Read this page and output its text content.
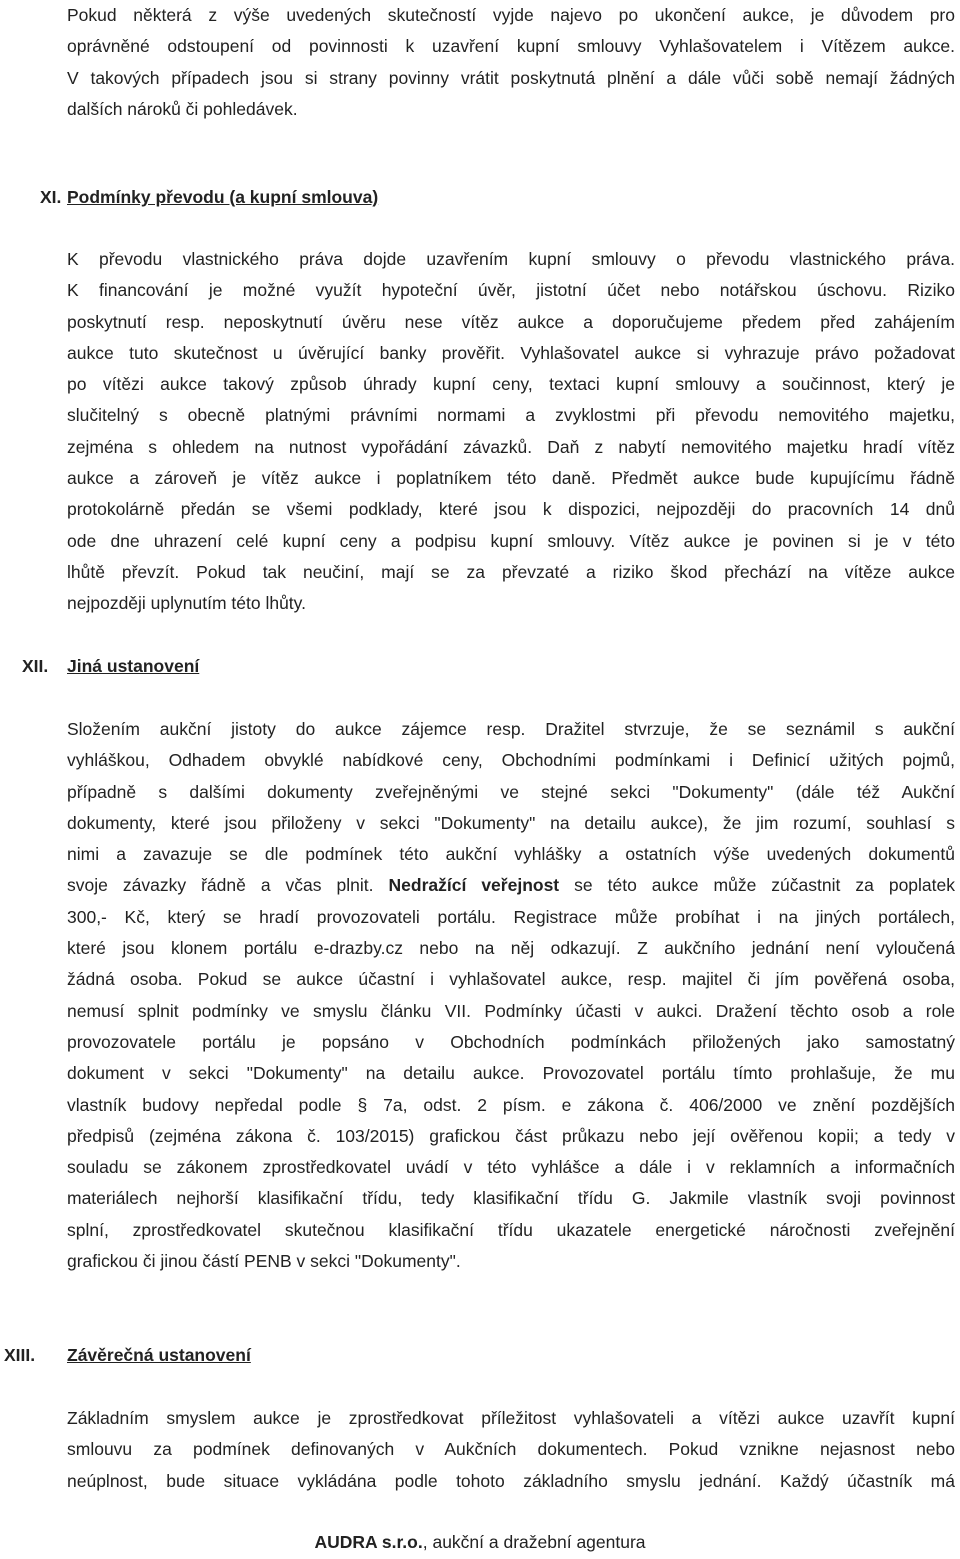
Pokud některá z výše uvedených skutečností vyjde najevo po ukončení aukce, je důvodem pro
oprávněné odstoupení od povinnosti k uzavření kupní smlouvy Vyhlašovatelem i Vítězem aukce.
V takových případech jsou si strany povinny vrátit poskytnutá plnění a dále vůči sobě nemají žádných
dalších nároků či pohledávek.
XI. Podmínky převodu (a kupní smlouva)
K převodu vlastnického práva dojde uzavřením kupní smlouvy o převodu vlastnického práva.
K financování je možné využít hypoteční úvěr, jistotní účet nebo notářskou úschovu. Riziko
poskytnutí resp. neposkytnutí úvěru nese vítěz aukce a doporučujeme předem před zahájením
aukce tuto skutečnost u úvěrující banky prověřit. Vyhlašovatel aukce si vyhrazuje právo požadovat
po vítězi aukce takový způsob úhrady kupní ceny, textaci kupní smlouvy a součinnost, který je
slučitelný s obecně platnými právními normami a zvyklostmi při převodu nemovitého majetku,
zejména s ohledem na nutnost vypořádání závazků. Daň z nabytí nemovitého majetku hradí vítěz
aukce a zároveň je vítěz aukce i poplatníkem této daně. Předmět aukce bude kupujícímu řádně
protokolárně předán se všemi podklady, které jsou k dispozici, nejpozději do pracovních 14 dnů
ode dne uhrazení celé kupní ceny a podpisu kupní smlouvy. Vítěz aukce je povinen si je v této
lhůtě převzít. Pokud tak neučiní, mají se za převzaté a riziko škod přechází na vítěze aukce
nejpozději uplynutím této lhůty.
XII. Jiná ustanovení
Složením aukční jistoty do aukce zájemce resp. Dražitel stvrzuje, že se seznámil s aukční
vyhláškou, Odhadem obvyklé nabídkové ceny, Obchodními podmínkami i Definicí užitých pojmů,
případně s dalšími dokumenty zveřejněnými ve stejné sekci "Dokumenty" (dále též Aukční
dokumenty, které jsou přiloženy v sekci "Dokumenty" na detailu aukce), že jim rozumí, souhlasí s
nimi a zavazuje se dle podmínek této aukční vyhlášky a ostatních výše uvedených dokumentů
svoje závazky řádně a včas plnit. Nedražící veřejnost se této aukce může zúčastnit za poplatek
300,- Kč, který se hradí provozovateli portálu. Registrace může probíhat i na jiných portálech,
které jsou klonem portálu e-drazby.cz nebo na něj odkazují. Z aukčního jednání není vyloučená
žádná osoba. Pokud se aukce účastní i vyhlašovatel aukce, resp. majitel či jím pověřená osoba,
nemusí splnit podmínky ve smyslu článku VII. Podmínky účasti v aukci. Dražení těchto osob a role
provozovatele portálu je popsáno v Obchodních podmínkách přiložených jako samostatný
dokument v sekci "Dokumenty" na detailu aukce. Provozovatel portálu tímto prohlašuje, že mu
vlastník budovy nepředal podle § 7a, odst. 2 písm. e zákona č. 406/2000 ve znění pozdějších
předpisů (zejména zákona č. 103/2015) grafickou část průkazu nebo její ověřenou kopii; a tedy v
souladu se zákonem zprostředkovatel uvádí v této vyhlášce a dále i v reklamních a informačních
materiálech nejhorší klasifikační třídu, tedy klasifikační třídu G. Jakmile vlastník svoji povinnost
splní, zprostředkovatel skutečnou klasifikační třídu ukazatele energetické náročnosti zveřejnění
grafickou či jinou částí PENB v sekci "Dokumenty".
XIII. Závěrečná ustanovení
Základním smyslem aukce je zprostředkovat příležitost vyhlašovateli a vítězi aukce uzavřít kupní
smlouvu za podmínek definovaných v Aukčních dokumentech. Pokud vznikne nejasnost nebo
neúplnost, bude situace vykládána podle tohoto základního smyslu jednání. Každý účastník má
AUDRA s.r.o., aukční a dražební agentura
